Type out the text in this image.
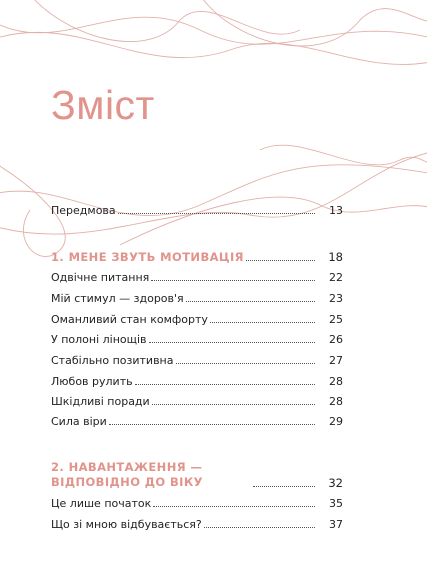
Зміст
Передмова	13
1. МЕНЕ ЗВУТЬ МОТИВАЦІЯ	18
Одвічне питання	22
Мій стимул — здоров'я	23
Оманливий стан комфорту	25
У полоні лінощів	26
Стабільно позитивна	27
Любов рулить	28
Шкідливі поради	28
Сила віри	29
2. НАВАНТАЖЕННЯ — ВІДПОВІДНО ДО ВІКУ	32
Це лише початок	35
Що зі мною відбувається?	37
